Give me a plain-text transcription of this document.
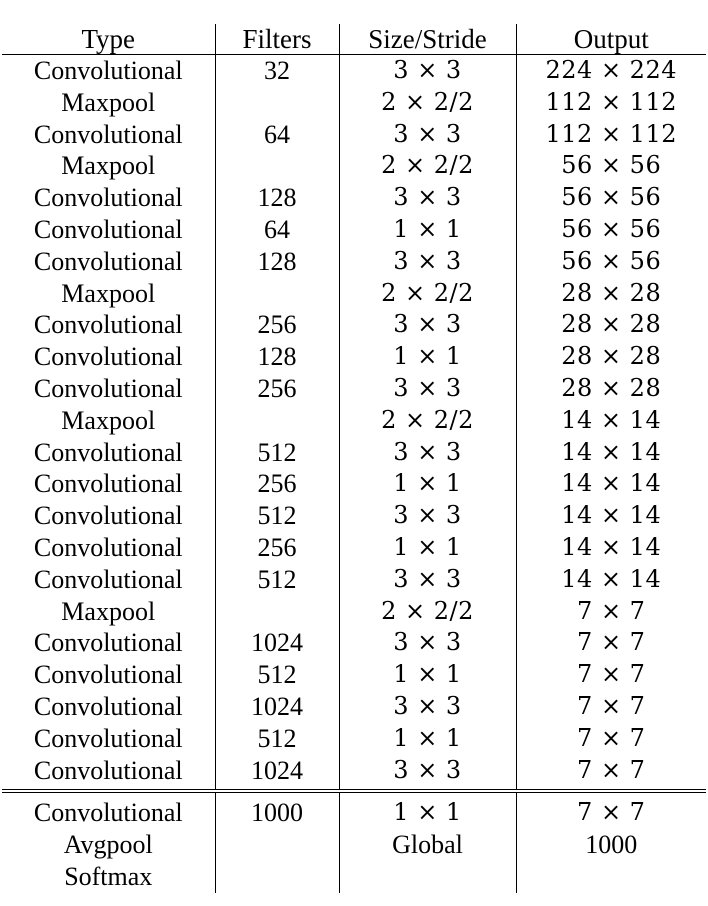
Type	Filters	Size/Stride	Output
Convolutional	32	3 × 3	224 × 224
Maxpool		2 × 2/2	112 × 112
Convolutional	64	3 × 3	112 × 112
Maxpool		2 × 2/2	56 × 56
Convolutional	128	3 × 3	56 × 56
Convolutional	64	1 × 1	56 × 56
Convolutional	128	3 × 3	56 × 56
Maxpool		2 × 2/2	28 × 28
Convolutional	256	3 × 3	28 × 28
Convolutional	128	1 × 1	28 × 28
Convolutional	256	3 × 3	28 × 28
Maxpool		2 × 2/2	14 × 14
Convolutional	512	3 × 3	14 × 14
Convolutional	256	1 × 1	14 × 14
Convolutional	512	3 × 3	14 × 14
Convolutional	256	1 × 1	14 × 14
Convolutional	512	3 × 3	14 × 14
Maxpool		2 × 2/2	7 × 7
Convolutional	1024	3 × 3	7 × 7
Convolutional	512	1 × 1	7 × 7
Convolutional	1024	3 × 3	7 × 7
Convolutional	512	1 × 1	7 × 7
Convolutional	1024	3 × 3	7 × 7
Convolutional	1000	1 × 1	7 × 7
Avgpool		Global	1000
Softmax			
